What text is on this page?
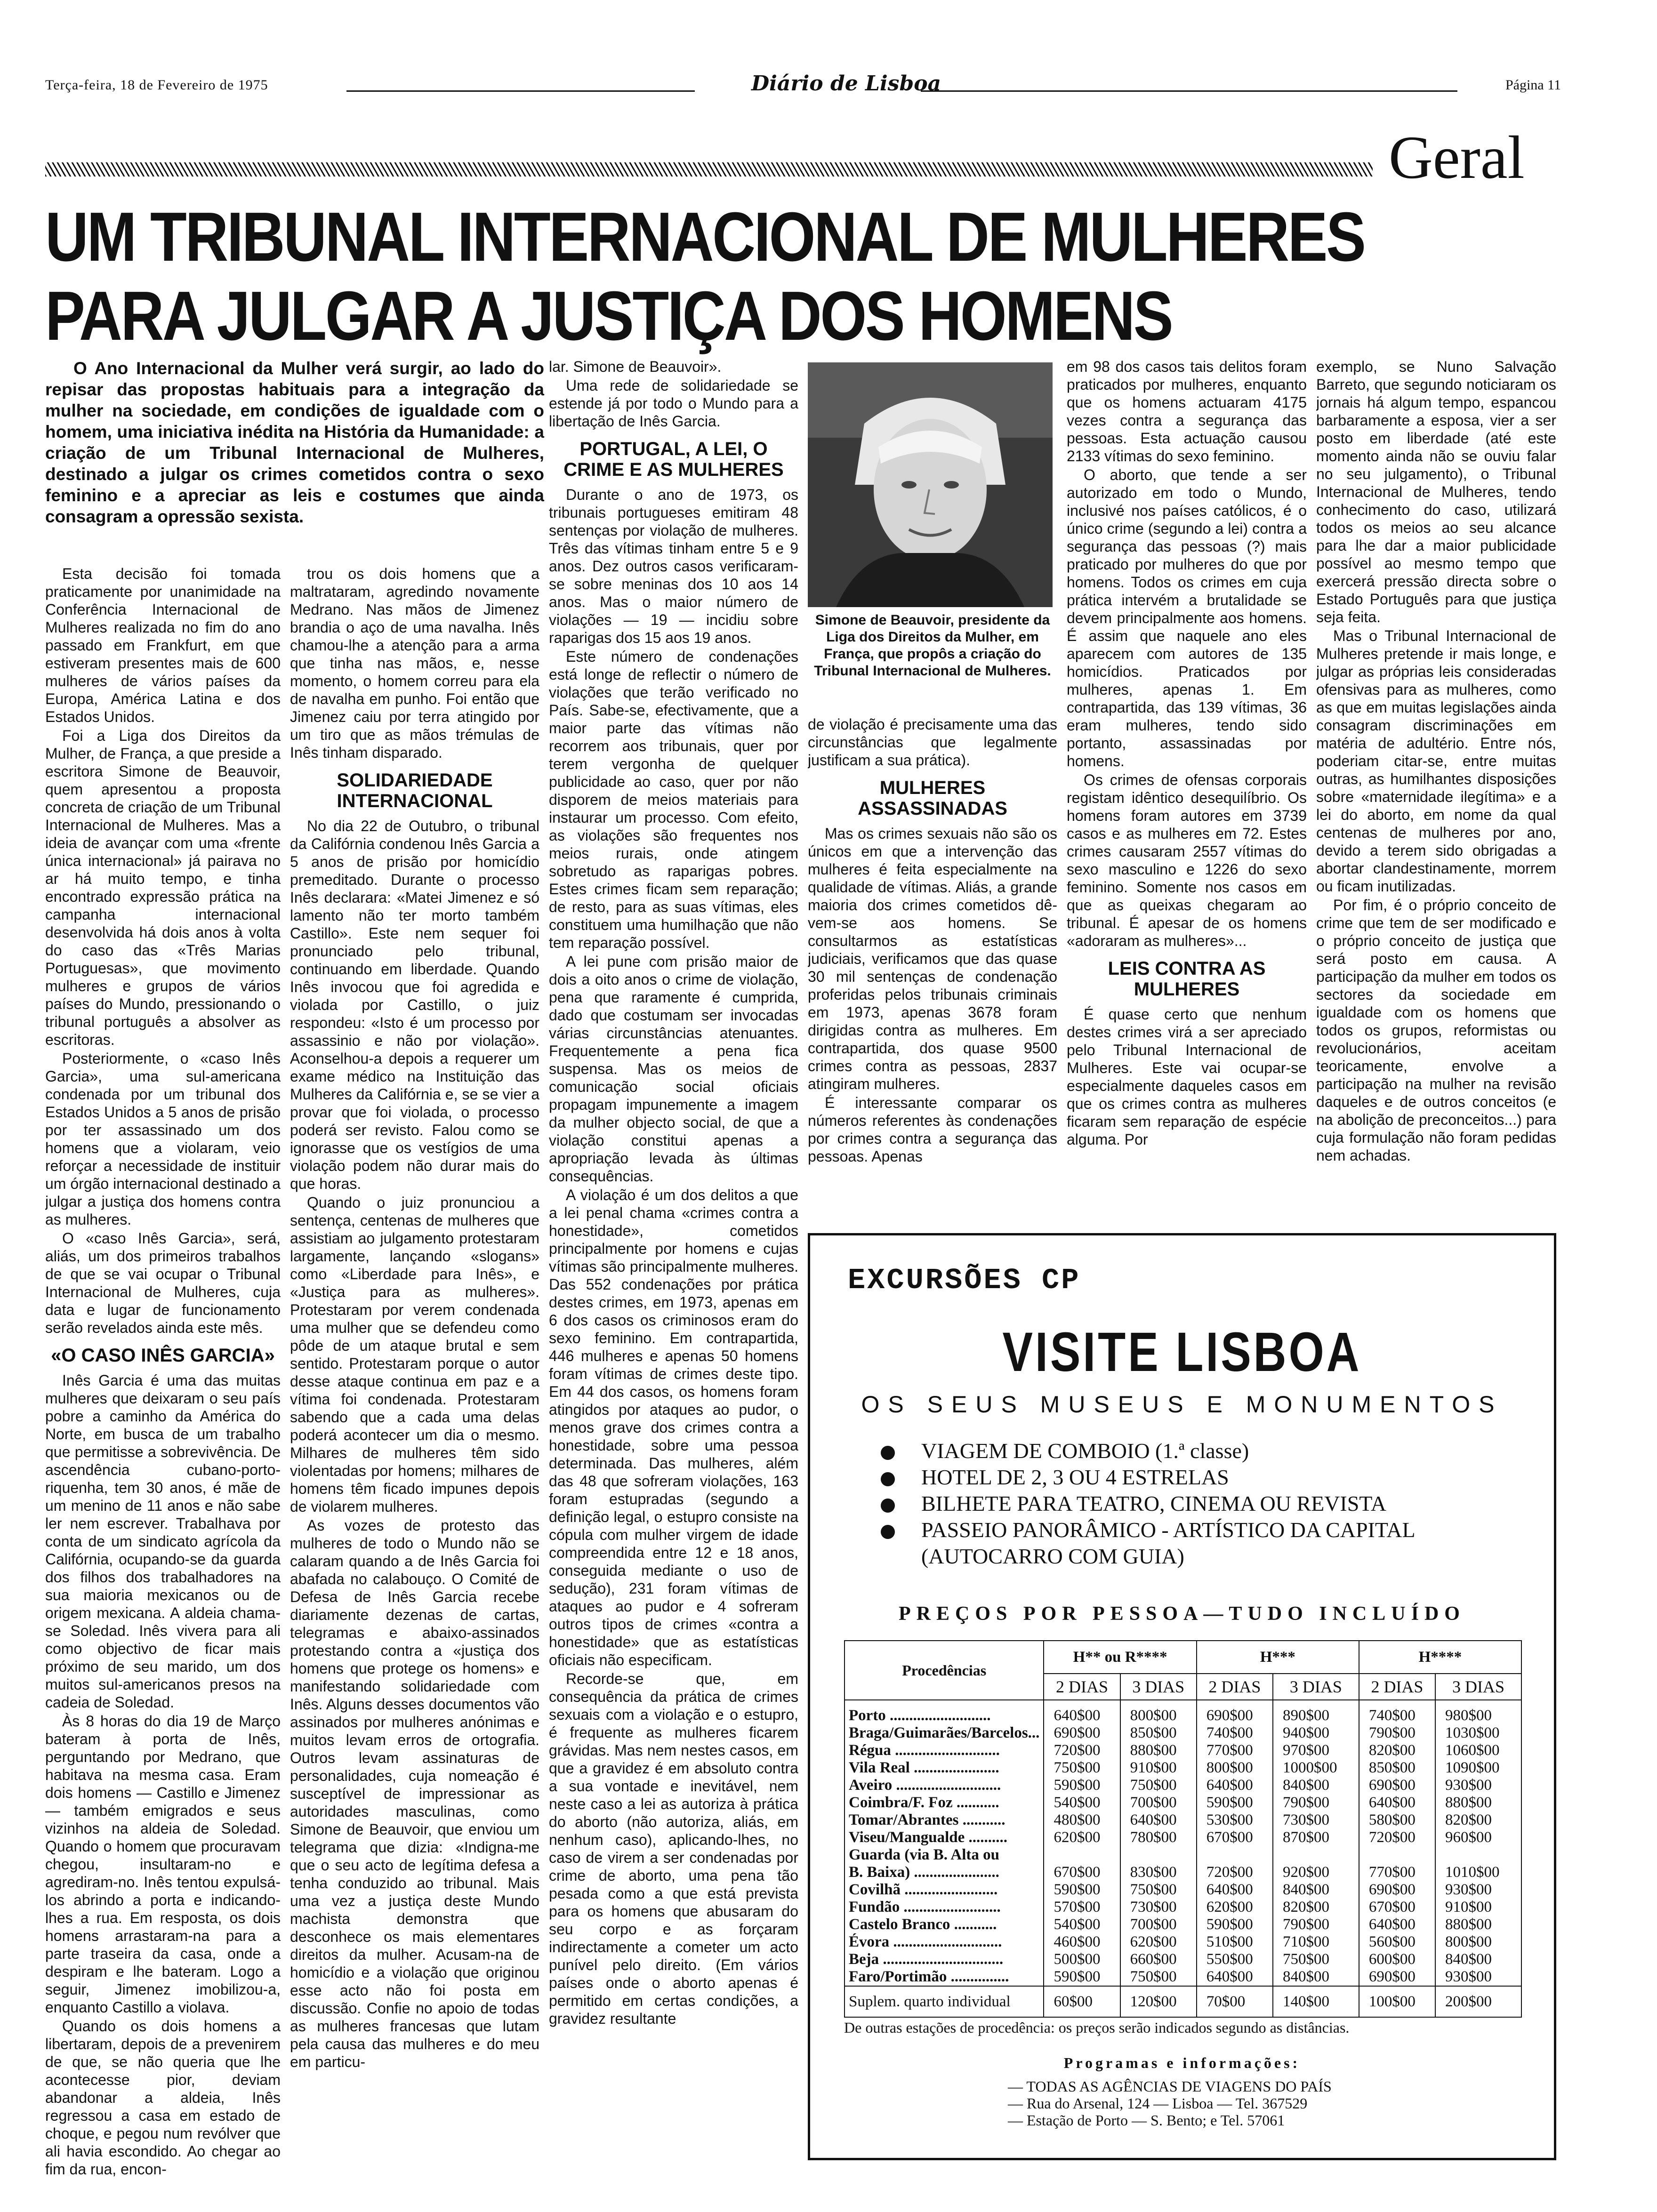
Terça-feira, 18 de Fevereiro de 1975	Diário de Lisboa	Página 11
Geral
UM TRIBUNAL INTERNACIONAL DE MULHERES
PARA JULGAR A JUSTIÇA DOS HOMENS
O Ano Internacional da Mulher verá surgir, ao lado do repisar das propostas habituais para a integração da mulher na sociedade, em condições de igualdade com o homem, uma iniciativa inédita na História da Humanidade: a criação de um Tribunal Internacional de Mulheres, destinado a julgar os crimes cometidos contra o sexo feminino e a apreciar as leis e costumes que ainda consagram a opressão sexista.

Esta decisão foi tomada praticamente por unanimidade na Conferência Internacional de Mulheres realizada no fim do ano passado em Frankfurt, em que estiveram presentes mais de 600 mulheres de vários países da Europa, América Latina e dos Estados Unidos.

Foi a Liga dos Direitos da Mulher, de França, a que preside a escritora Simone de Beauvoir, quem apresentou a proposta concreta de criação de um Tribunal Internacional de Mulheres. Mas a ideia de avançar com uma «frente única internacional» já pairava no ar há muito tempo, e tinha encontrado expressão prática na campanha internacional desenvolvida há dois anos à volta do caso das «Três Marias Portuguesas», que movimento mulheres e grupos de vários países do Mundo, pressionando o tribunal português a absolver as escritoras.

Posteriormente, o «caso Inês Garcia», uma sul-americana condenada por um tribunal dos Estados Unidos a 5 anos de prisão por ter assassinado um dos homens que a violaram, veio reforçar a necessidade de instituir um órgão internacional destinado a julgar a justiça dos homens contra as mulheres.

O «caso Inês Garcia», será, aliás, um dos primeiros trabalhos de que se vai ocupar o Tribunal Internacional de Mulheres, cuja data e lugar de funcionamento serão revelados ainda este mês.

«O CASO INÊS GARCIA»

Inês Garcia é uma das muitas mulheres que deixaram o seu país pobre a caminho da América do Norte, em busca de um trabalho que permitisse a sobrevivência. De ascendência cubano-porto-riquenha, tem 30 anos, é mãe de um menino de 11 anos e não sabe ler nem escrever. Trabalhava por conta de um sindicato agrícola da Califórnia, ocupando-se da guarda dos filhos dos trabalhadores na sua maioria mexicanos ou de origem mexicana. A aldeia chama-se Soledad. Inês vivera para ali como objectivo de ficar mais próximo de seu marido, um dos muitos sul-americanos presos na cadeia de Soledad.

Às 8 horas do dia 19 de Março bateram à porta de Inês, perguntando por Medrano, que habitava na mesma casa. Eram dois homens — Castillo e Jimenez — também emigrados e seus vizinhos na aldeia de Soledad. Quando o homem que procuravam chegou, insultaram-no e agrediram-no. Inês tentou expulsá-los abrindo a porta e indicando-lhes a rua. Em resposta, os dois homens arrastaram-na para a parte traseira da casa, onde a despiram e lhe bateram. Logo a seguir, Jimenez imobilizou-a, enquanto Castillo a violava.

Quando os dois homens a libertaram, depois de a prevenirem de que, se não queria que lhe acontecesse pior, deviam abandonar a aldeia, Inês regressou a casa em estado de choque, e pegou num revólver que ali havia escondido. Ao chegar ao fim da rua, encon-

trou os dois homens que a maltrataram, agredindo novamente Medrano. Nas mãos de Jimenez brandia o aço de uma navalha. Inês chamou-lhe a atenção para a arma que tinha nas mãos, e, nesse momento, o homem correu para ela de navalha em punho. Foi então que Jimenez caiu por terra atingido por um tiro que as mãos trémulas de Inês tinham disparado.

SOLIDARIEDADE INTERNACIONAL

No dia 22 de Outubro, o tribunal da Califórnia condenou Inês Garcia a 5 anos de prisão por homicídio premeditado. Durante o processo Inês declarara: «Matei Jimenez e só lamento não ter morto também Castillo». Este nem sequer foi pronunciado pelo tribunal, continuando em liberdade. Quando Inês invocou que foi agredida e violada por Castillo, o juiz respondeu: «Isto é um processo por assassinio e não por violação». Aconselhou-a depois a requerer um exame médico na Instituição das Mulheres da Califórnia e, se se vier a provar que foi violada, o processo poderá ser revisto. Falou como se ignorasse que os vestígios de uma violação podem não durar mais do que horas.

Quando o juiz pronunciou a sentença, centenas de mulheres que assistiam ao julgamento protestaram largamente, lançando «slogans» como «Liberdade para Inês», e «Justiça para as mulheres». Protestaram por verem condenada uma mulher que se defendeu como pôde de um ataque brutal e sem sentido. Protestaram porque o autor desse ataque continua em paz e a vítima foi condenada. Protestaram sabendo que a cada uma delas poderá acontecer um dia o mesmo. Milhares de mulheres têm sido violentadas por homens; milhares de homens têm ficado impunes depois de violarem mulheres.

As vozes de protesto das mulheres de todo o Mundo não se calaram quando a de Inês Garcia foi abafada no calabouço. O Comité de Defesa de Inês Garcia recebe diariamente dezenas de cartas, telegramas e abaixo-assinados protestando contra a «justiça dos homens que protege os homens» e manifestando solidariedade com Inês. Alguns desses documentos vão assinados por mulheres anónimas e muitos levam erros de ortografia. Outros levam assinaturas de personalidades, cuja nomeação é susceptível de impressionar as autoridades masculinas, como Simone de Beauvoir, que enviou um telegrama que dizia: «Indigna-me que o seu acto de legítima defesa a tenha conduzido ao tribunal. Mais uma vez a justiça deste Mundo machista demonstra que desconhece os mais elementares direitos da mulher. Acusam-na de homicídio e a violação que originou esse acto não foi posta em discussão. Confie no apoio de todas as mulheres francesas que lutam pela causa das mulheres e do meu em particu-

lar. Simone de Beauvoir».

Uma rede de solidariedade se estende já por todo o Mundo para a libertação de Inês Garcia.

PORTUGAL, A LEI, O CRIME E AS MULHERES

Durante o ano de 1973, os tribunais portugueses emitiram 48 sentenças por violação de mulheres. Três das vítimas tinham entre 5 e 9 anos. Dez outros casos verificaram-se sobre meninas dos 10 aos 14 anos. Mas o maior número de violações — 19 — incidiu sobre raparigas dos 15 aos 19 anos.

Este número de condenações está longe de reflectir o número de violações que terão verificado no País. Sabe-se, efectivamente, que a maior parte das vítimas não recorrem aos tribunais, quer por terem vergonha de quelquer publicidade ao caso, quer por não disporem de meios materiais para instaurar um processo. Com efeito, as violações são frequentes nos meios rurais, onde atingem sobretudo as raparigas pobres. Estes crimes ficam sem reparação; de resto, para as suas vítimas, eles constituem uma humilhação que não tem reparação possível.

A lei pune com prisão maior de dois a oito anos o crime de violação, pena que raramente é cumprida, dado que costumam ser invocadas várias circunstâncias atenuantes. Frequentemente a pena fica suspensa. Mas os meios de comunicação social oficiais propagam impunemente a imagem da mulher objecto social, de que a violação constitui apenas a apropriação levada às últimas consequências.

A violação é um dos delitos a que a lei penal chama «crimes contra a honestidade», cometidos principalmente por homens e cujas vítimas são principalmente mulheres. Das 552 condenações por prática destes crimes, em 1973, apenas em 6 dos casos os criminosos eram do sexo feminino. Em contrapartida, 446 mulheres e apenas 50 homens foram vítimas de crimes deste tipo. Em 44 dos casos, os homens foram atingidos por ataques ao pudor, o menos grave dos crimes contra a honestidade, sobre uma pessoa determinada. Das mulheres, além das 48 que sofreram violações, 163 foram estupradas (segundo a definição legal, o estupro consiste na cópula com mulher virgem de idade compreendida entre 12 e 18 anos, conseguida mediante o uso de sedução), 231 foram vítimas de ataques ao pudor e 4 sofreram outros tipos de crimes «contra a honestidade» que as estatísticas oficiais não especificam.

Recorde-se que, em consequência da prática de crimes sexuais com a violação e o estupro, é frequente as mulheres ficarem grávidas. Mas nem nestes casos, em que a gravidez é em absoluto contra a sua vontade e inevitável, nem neste caso a lei as autoriza à prática do aborto (não autoriza, aliás, em nenhum caso), aplicando-lhes, no caso de virem a ser condenadas por crime de aborto, uma pena tão pesada como a que está prevista para os homens que abusaram do seu corpo e as forçaram indirectamente a cometer um acto punível pelo direito. (Em vários países onde o aborto apenas é permitido em certas condições, a gravidez resultante

Simone de Beauvoir, presidente da Liga dos Direitos da Mulher, em França, que propôs a criação do Tribunal Internacional de Mulheres.

de violação é precisamente uma das circunstâncias que legalmente justificam a sua prática).

MULHERES ASSASSINADAS

Mas os crimes sexuais não são os únicos em que a intervenção das mulheres é feita especialmente na qualidade de vítimas. Aliás, a grande maioria dos crimes cometidos dê-vem-se aos homens. Se consultarmos as estatísticas judiciais, verificamos que das quase 30 mil sentenças de condenação proferidas pelos tribunais criminais em 1973, apenas 3678 foram dirigidas contra as mulheres. Em contrapartida, dos quase 9500 crimes contra as pessoas, 2837 atingiram mulheres.

É interessante comparar os números referentes às condenações por crimes contra a segurança das pessoas. Apenas

em 98 dos casos tais delitos foram praticados por mulheres, enquanto que os homens actuaram 4175 vezes contra a segurança das pessoas. Esta actuação causou 2133 vítimas do sexo feminino.

O aborto, que tende a ser autorizado em todo o Mundo, inclusivé nos países católicos, é o único crime (segundo a lei) contra a segurança das pessoas (?) mais praticado por mulheres do que por homens. Todos os crimes em cuja prática intervém a brutalidade se devem principalmente aos homens. É assim que naquele ano eles aparecem com autores de 135 homicídios. Praticados por mulheres, apenas 1. Em contrapartida, das 139 vítimas, 36 eram mulheres, tendo sido portanto, assassinadas por homens.

Os crimes de ofensas corporais registam idêntico desequilíbrio. Os homens foram autores em 3739 casos e as mulheres em 72. Estes crimes causaram 2557 vítimas do sexo masculino e 1226 do sexo feminino. Somente nos casos em que as queixas chegaram ao tribunal. É apesar de os homens «adoraram as mulheres»...

LEIS CONTRA AS MULHERES

É quase certo que nenhum destes crimes virá a ser apreciado pelo Tribunal Internacional de Mulheres. Este vai ocupar-se especialmente daqueles casos em que os crimes contra as mulheres ficaram sem reparação de espécie alguma. Por

exemplo, se Nuno Salvação Barreto, que segundo noticiaram os jornais há algum tempo, espancou barbaramente a esposa, vier a ser posto em liberdade (até este momento ainda não se ouviu falar no seu julgamento), o Tribunal Internacional de Mulheres, tendo conhecimento do caso, utilizará todos os meios ao seu alcance para lhe dar a maior publicidade possível ao mesmo tempo que exercerá pressão directa sobre o Estado Português para que justiça seja feita.

Mas o Tribunal Internacional de Mulheres pretende ir mais longe, e julgar as próprias leis consideradas ofensivas para as mulheres, como as que em muitas legislações ainda consagram discriminações em matéria de adultério. Entre nós, poderiam citar-se, entre muitas outras, as humilhantes disposições sobre «maternidade ilegítima» e a lei do aborto, em nome da qual centenas de mulheres por ano, devido a terem sido obrigadas a abortar clandestinamente, morrem ou ficam inutilizadas.

Por fim, é o próprio conceito de crime que tem de ser modificado e o próprio conceito de justiça que será posto em causa. A participação da mulher em todos os sectores da sociedade em igualdade com os homens que todos os grupos, reformistas ou revolucionários, aceitam teoricamente, envolve a participação na mulher na revisão daqueles e de outros conceitos (e na abolição de preconceitos...) para cuja formulação não foram pedidas nem achadas.

EXCURSÕES CP
VISITE LISBOA
OS SEUS MUSEUS E MONUMENTOS
VIAGEM DE COMBOIO (1.ª classe)
HOTEL DE 2, 3 OU 4 ESTRELAS
BILHETE PARA TEATRO, CINEMA OU REVISTA
PASSEIO PANORÂMICO - ARTÍSTICO DA CAPITAL
(AUTOCARRO COM GUIA)
PREÇOS POR PESSOA—TUDO INCLUÍDO
Procedências	H** ou R****		H***		H****	
	2 DIAS	3 DIAS	2 DIAS	3 DIAS	2 DIAS	3 DIAS
Porto ..........................	640$00	800$00	690$00	890$00	740$00	980$00
Braga/Guimarães/Barcelos...	690$00	850$00	740$00	940$00	790$00	1030$00
Régua ...........................	720$00	880$00	770$00	970$00	820$00	1060$00
Vila Real ......................	750$00	910$00	800$00	1000$00	850$00	1090$00
Aveiro ...........................	590$00	750$00	640$00	840$00	690$00	930$00
Coimbra/F. Foz ...........	540$00	700$00	590$00	790$00	640$00	880$00
Tomar/Abrantes ...........	480$00	640$00	530$00	730$00	580$00	820$00
Viseu/Mangualde ..........	620$00	780$00	670$00	870$00	720$00	960$00
Guarda (via B. Alta ou						
B. Baixa) ......................	670$00	830$00	720$00	920$00	770$00	1010$00
Covilhã ........................	590$00	750$00	640$00	840$00	690$00	930$00
Fundão .........................	570$00	730$00	620$00	820$00	670$00	910$00
Castelo Branco ...........	540$00	700$00	590$00	790$00	640$00	880$00
Évora ............................	460$00	620$00	510$00	710$00	560$00	800$00
Beja ...............................	500$00	660$00	550$00	750$00	600$00	840$00
Faro/Portimão ...............	590$00	750$00	640$00	840$00	690$00	930$00
Suplem. quarto individual	60$00	120$00	70$00	140$00	100$00	200$00
De outras estações de procedência: os preços serão indicados segundo as distâncias.
Programas e informações:
— TODAS AS AGÊNCIAS DE VIAGENS DO PAÍS
— Rua do Arsenal, 124 — Lisboa — Tel. 367529
— Estação de Porto — S. Bento; e Tel. 57061
